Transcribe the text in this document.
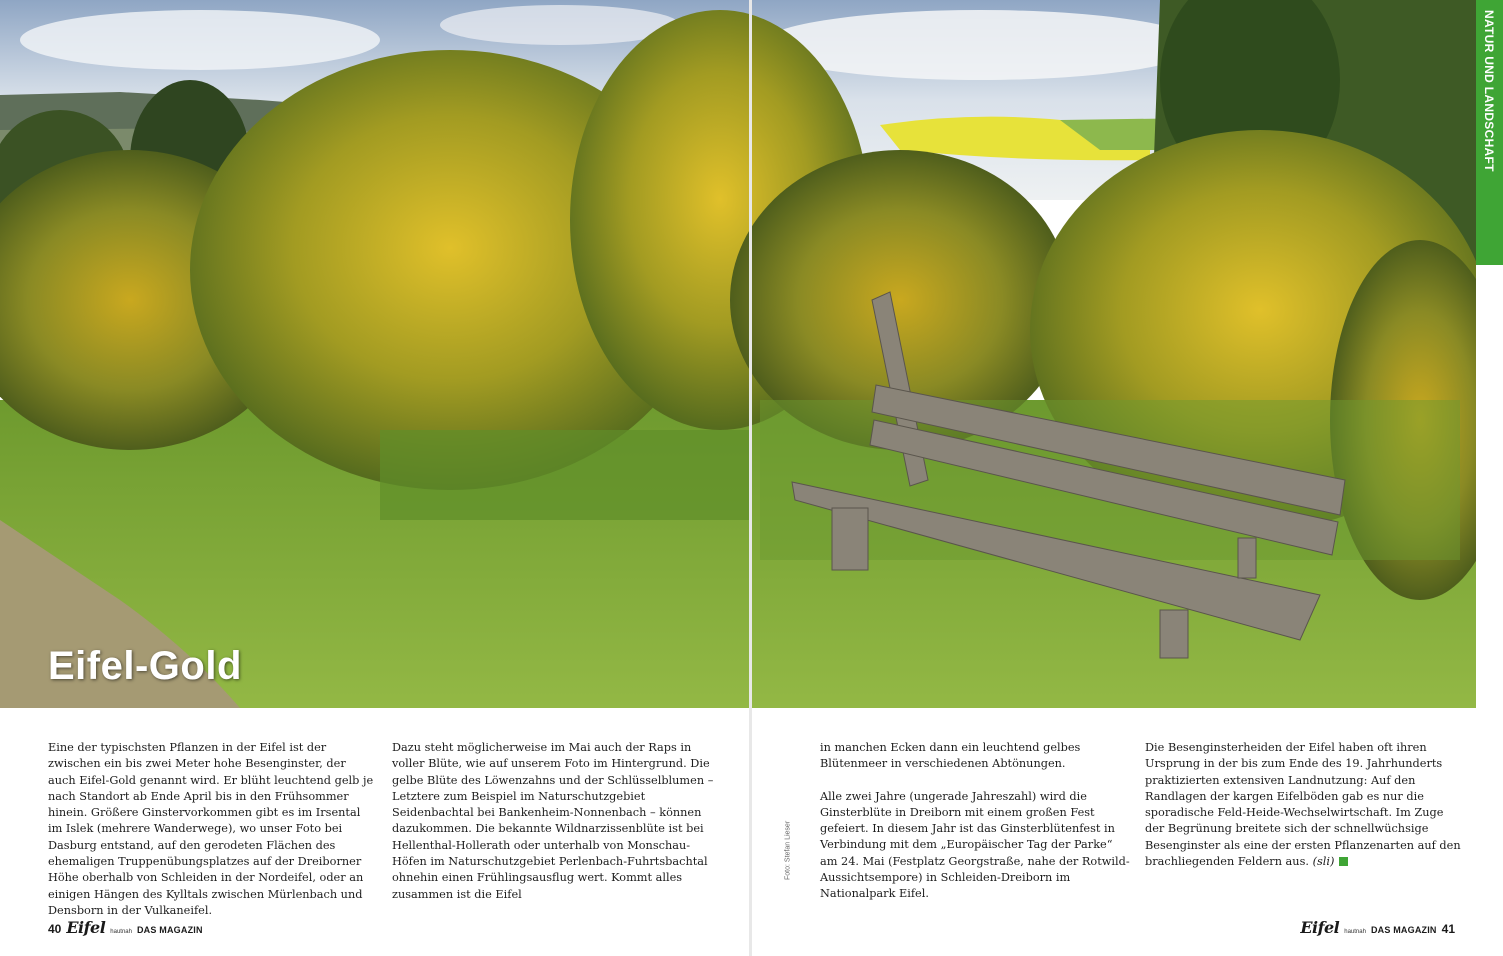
NATUR UND LANDSCHAFT
Eifel-Gold

Eine der typischsten Pflanzen in der Eifel ist der zwischen ein bis zwei Meter hohe Besenginster, der auch Eifel-Gold genannt wird. Er blüht leuchtend gelb je nach Standort ab Ende April bis in den Frühsommer hinein. Größere Ginstervorkommen gibt es im Irsental im Islek (mehrere Wanderwege), wo unser Foto bei Dasburg entstand, auf den gerodeten Flächen des ehemaligen Truppenübungsplatzes auf der Dreiborner Höhe oberhalb von Schleiden in der Nordeifel, oder an einigen Hängen des Kylltals zwischen Mürlenbach und Densborn in der Vulkaneifel.

Dazu steht möglicherweise im Mai auch der Raps in voller Blüte, wie auf unserem Foto im Hintergrund. Die gelbe Blüte des Löwenzahns und der Schlüsselblumen – Letztere zum Beispiel im Naturschutzgebiet Seidenbachtal bei Bankenheim-Nonnenbach – können dazukommen. Die bekannte Wildnarzissenblüte ist bei Hellenthal-Hollerath oder unterhalb von Monschau-Höfen im Naturschutzgebiet Perlenbach-Fuhrtsbachtal ohnehin einen Frühlingsausflug wert. Kommt alles zusammen ist die Eifel

Foto: Stefan Lieser

in manchen Ecken dann ein leuchtend gelbes Blütenmeer in verschiedenen Abtönungen.

Alle zwei Jahre (ungerade Jahreszahl) wird die Ginsterblüte in Dreiborn mit einem großen Fest gefeiert. In diesem Jahr ist das Ginsterblütenfest in Verbindung mit dem „Europäischer Tag der Parke“ am 24. Mai (Festplatz Georgstraße, nahe der Rotwild-Aussichtsempore) in Schleiden-Dreiborn im Nationalpark Eifel.

Die Besenginsterheiden der Eifel haben oft ihren Ursprung in der bis zum Ende des 19. Jahrhunderts praktizierten extensiven Landnutzung: Auf den Randlagen der kargen Eifelböden gab es nur die sporadische Feld-Heide-Wechselwirtschaft. Im Zuge der Begrünung breitete sich der schnellwüchsige Besenginster als eine der ersten Pflanzenarten auf den brachliegenden Feldern aus. (sli)

40 Eifel hautnah DAS MAGAZIN	Eifel hautnah DAS MAGAZIN 41
